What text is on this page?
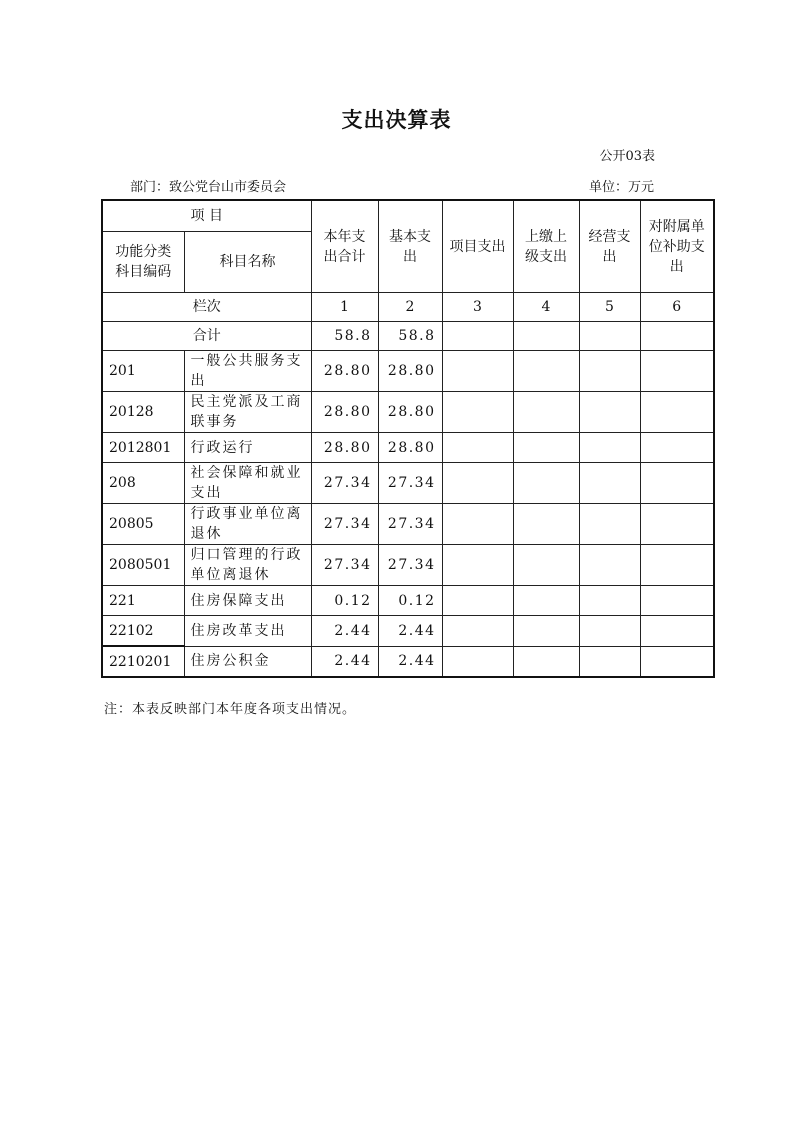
支出决算表
公开03表
部门：致公党台山市委员会	单位：万元
项 目		本年支出合计	基本支出	项目支出	上缴上级支出	经营支出	对附属单位补助支出
功能分类科目编码	科目名称						
栏次		1	2	3	4	5	6
合计		58.8	58.8				
201	一般公共服务支出	28.80	28.80				
20128	民主党派及工商联事务	28.80	28.80				
2012801	行政运行	28.80	28.80				
208	社会保障和就业支出	27.34	27.34				
20805	行政事业单位离退休	27.34	27.34				
2080501	归口管理的行政单位离退休	27.34	27.34				
221	住房保障支出	0.12	0.12				
22102	住房改革支出	2.44	2.44				
2210201	住房公积金	2.44	2.44				
注：本表反映部门本年度各项支出情况。
